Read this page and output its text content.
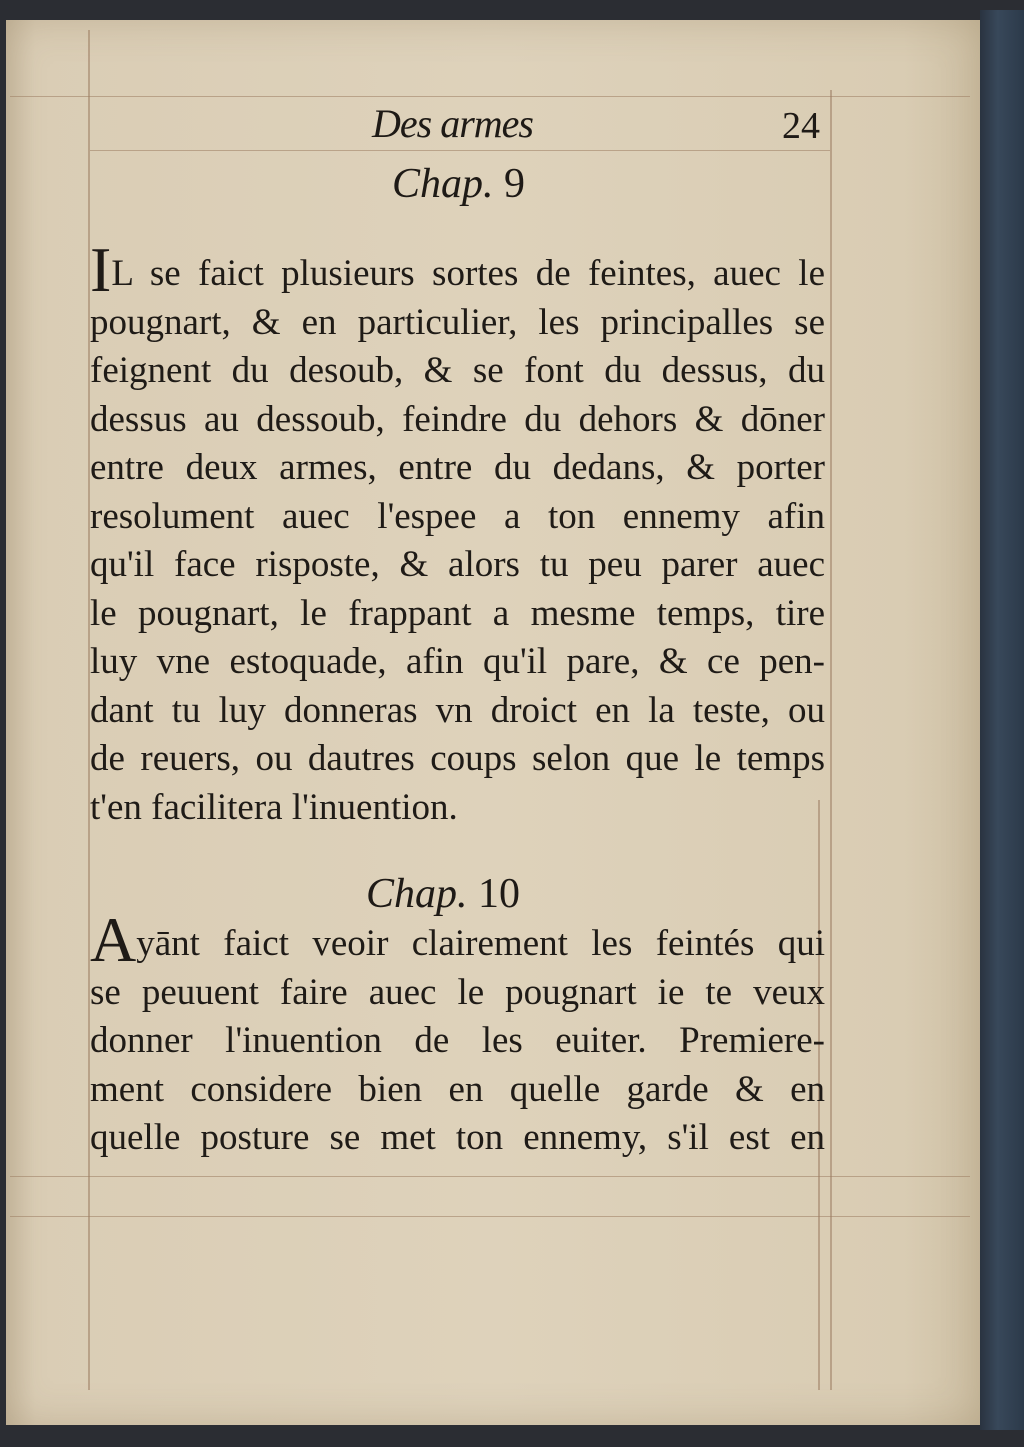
Des armes	24
Chap. 9
IL se faict plusieurs sortes de feintes, auec le
pougnart, & en particulier, les principalles se
feignent du desoub, & se font du dessus, du
dessus au dessoub, feindre du dehors & dōner
entre deux armes, entre du dedans, & porter
resolument auec l'espee a ton ennemy afin
qu'il face risposte, & alors tu peu parer auec
le pougnart, le frappant a mesme temps, tire
luy vne estoquade, afin qu'il pare, & ce pen-
dant tu luy donneras vn droict en la teste, ou
de reuers, ou dautres coups selon que le temps
t'en facilitera l'inuention.
Chap. 10
Ayānt faict veoir clairement les feintés qui
se peuuent faire auec le pougnart ie te veux
donner l'inuention de les euiter. Premiere-
ment considere bien en quelle garde & en
quelle posture se met ton ennemy, s'il est en
